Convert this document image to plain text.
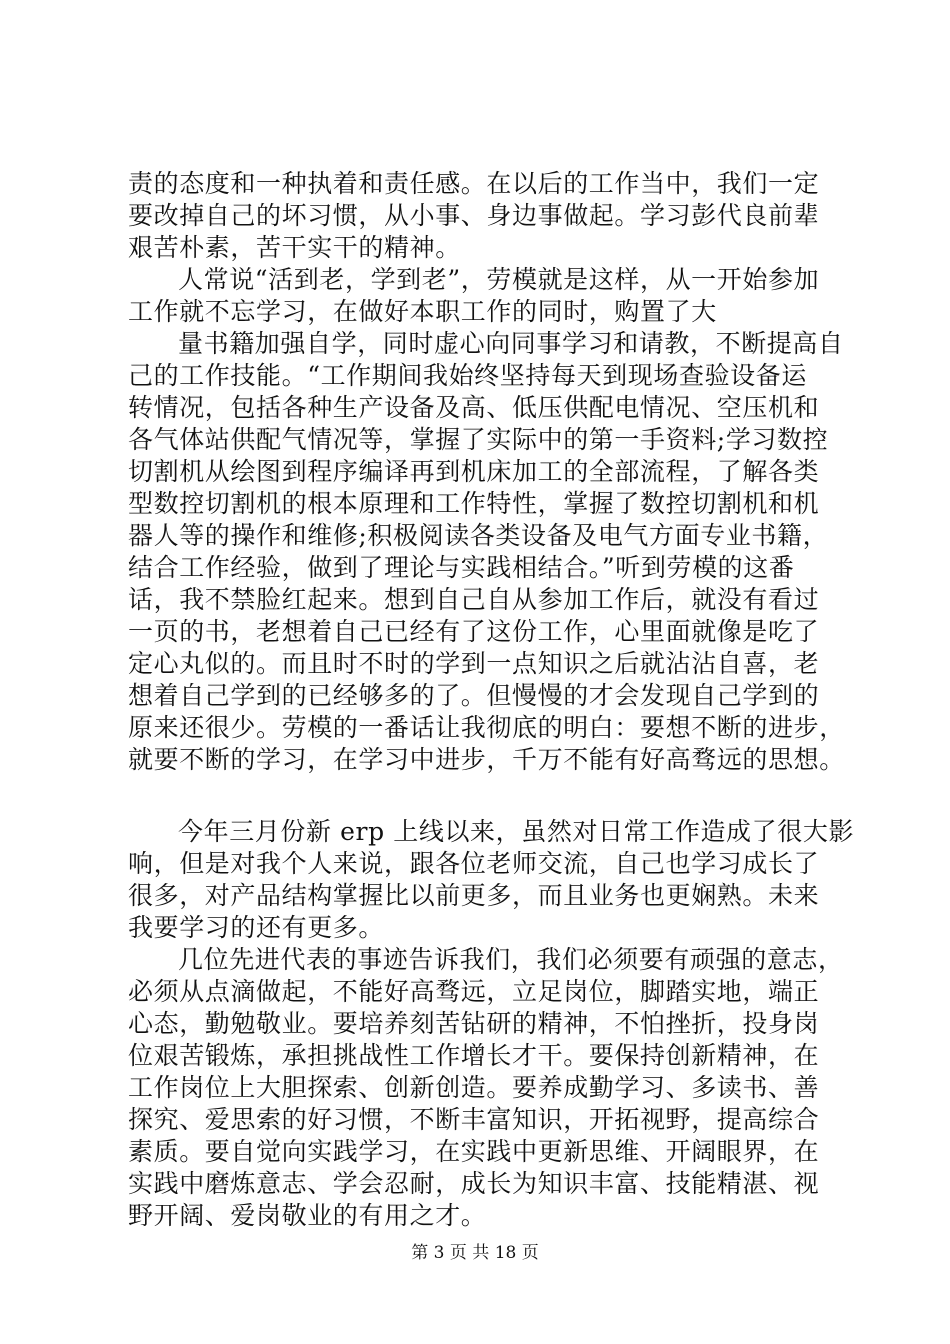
责的态度和一种执着和责任感。在以后的工作当中，我们一定
要改掉自己的坏习惯，从小事、身边事做起。学习彭代良前辈
艰苦朴素，苦干实干的精神。
人常说“活到老，学到老”，劳模就是这样，从一开始参加
工作就不忘学习，在做好本职工作的同时，购置了大
量书籍加强自学，同时虚心向同事学习和请教，不断提高自
己的工作技能。“工作期间我始终坚持每天到现场查验设备运
转情况，包括各种生产设备及高、低压供配电情况、空压机和
各气体站供配气情况等，掌握了实际中的第一手资料;学习数控
切割机从绘图到程序编译再到机床加工的全部流程，了解各类
型数控切割机的根本原理和工作特性，掌握了数控切割机和机
器人等的操作和维修;积极阅读各类设备及电气方面专业书籍，
结合工作经验，做到了理论与实践相结合。”听到劳模的这番
话，我不禁脸红起来。想到自己自从参加工作后，就没有看过
一页的书，老想着自己已经有了这份工作，心里面就像是吃了
定心丸似的。而且时不时的学到一点知识之后就沾沾自喜，老
想着自己学到的已经够多的了。但慢慢的才会发现自己学到的
原来还很少。劳模的一番话让我彻底的明白：要想不断的进步，
就要不断的学习，在学习中进步，千万不能有好高骛远的思想。
今年三月份新 erp 上线以来，虽然对日常工作造成了很大影
响，但是对我个人来说，跟各位老师交流，自己也学习成长了
很多，对产品结构掌握比以前更多，而且业务也更娴熟。未来
我要学习的还有更多。
几位先进代表的事迹告诉我们，我们必须要有顽强的意志，
必须从点滴做起，不能好高骛远，立足岗位，脚踏实地，端正
心态，勤勉敬业。要培养刻苦钻研的精神，不怕挫折，投身岗
位艰苦锻炼，承担挑战性工作增长才干。要保持创新精神，在
工作岗位上大胆探索、创新创造。要养成勤学习、多读书、善
探究、爱思索的好习惯，不断丰富知识，开拓视野，提高综合
素质。要自觉向实践学习，在实践中更新思维、开阔眼界，在
实践中磨炼意志、学会忍耐，成长为知识丰富、技能精湛、视
野开阔、爱岗敬业的有用之才。
第 3 页 共 18 页
